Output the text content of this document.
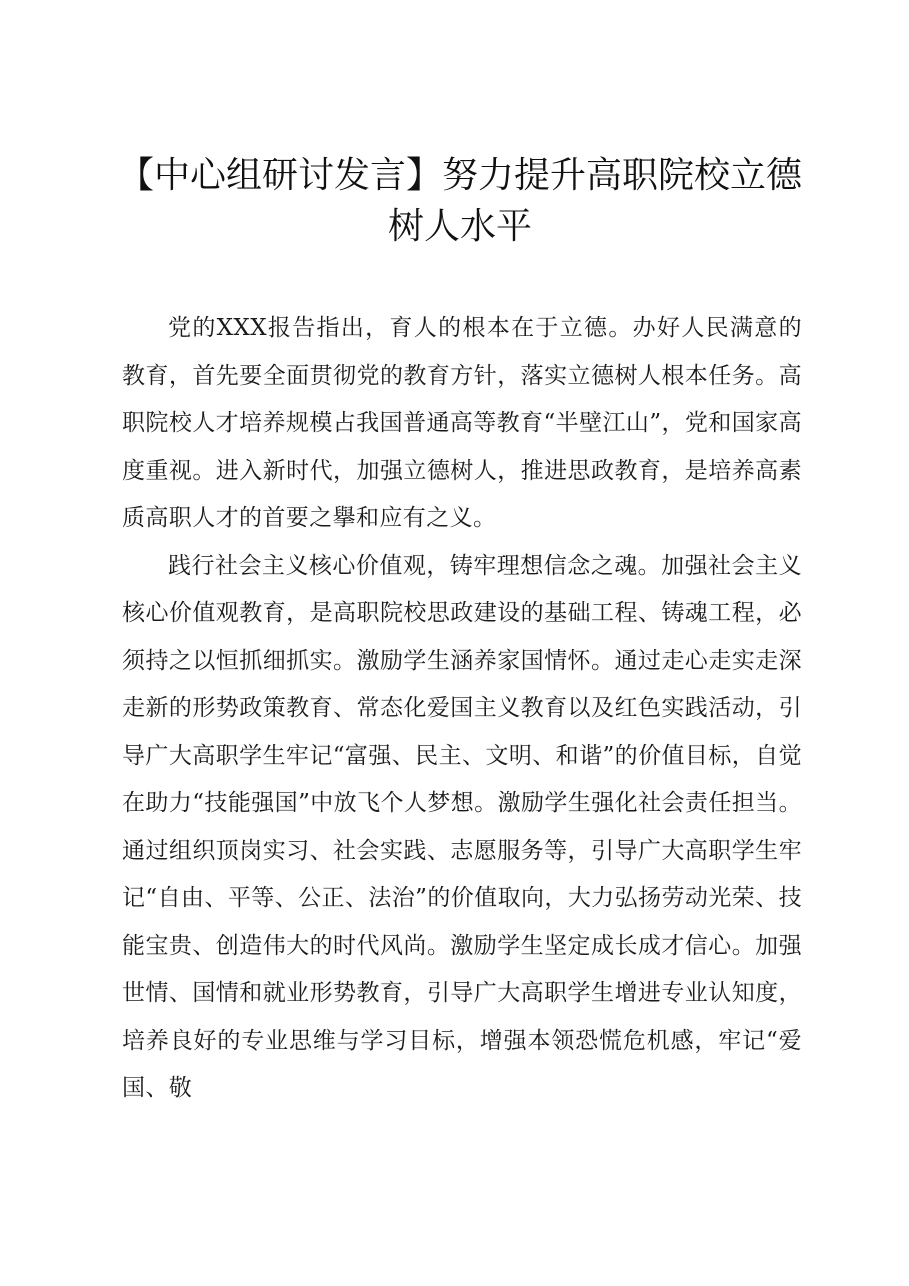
【中心组研讨发言】努力提升高职院校立德树人水平

党的XXX报告指出，育人的根本在于立德。办好人民满意的教育，首先要全面贯彻党的教育方针，落实立德树人根本任务。高职院校人才培养规模占我国普通高等教育“半壁江山”，党和国家高度重视。进入新时代，加强立德树人，推进思政教育，是培养高素质高职人才的首要之擧和应有之义。

践行社会主义核心价值观，铸牢理想信念之魂。加强社会主义核心价值观教育，是高职院校思政建设的基础工程、铸魂工程，必须持之以恒抓细抓实。激励学生涵养家国情怀。通过走心走实走深走新的形势政策教育、常态化爱国主义教育以及红色实践活动，引导广大高职学生牢记“富强、民主、文明、和谐”的价值目标，自觉在助力“技能强国”中放飞个人梦想。激励学生强化社会责任担当。通过组织顶岗实习、社会实践、志愿服务等，引导广大高职学生牢记“自由、平等、公正、法治”的价值取向，大力弘扬劳动光荣、技能宝贵、创造伟大的时代风尚。激励学生坚定成长成才信心。加强世情、国情和就业形势教育，引导广大高职学生增进专业认知度，培养良好的专业思维与学习目标，增强本领恐慌危机感，牢记“爱国、敬
